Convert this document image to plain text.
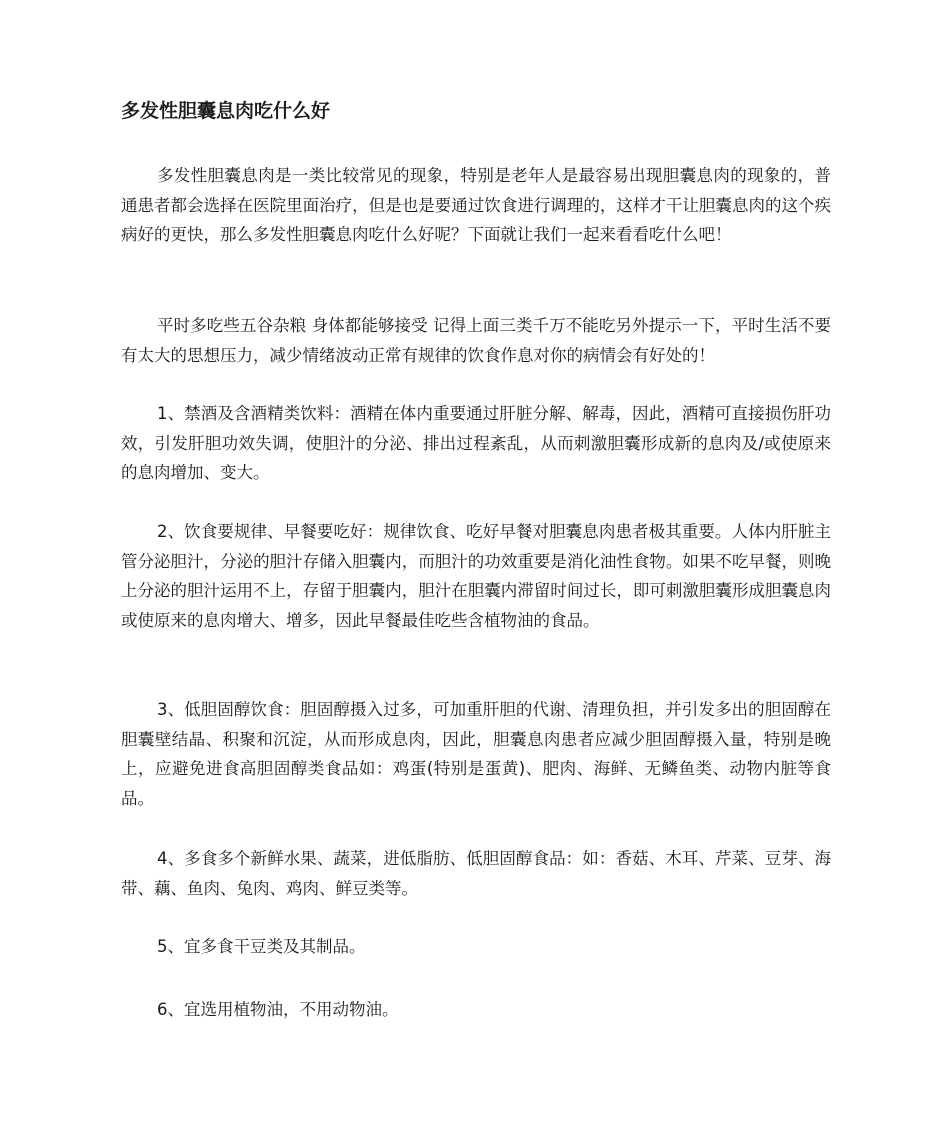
多发性胆囊息肉吃什么好

多发性胆囊息肉是一类比较常见的现象，特别是老年人是最容易出现胆囊息肉的现象的，普通患者都会选择在医院里面治疗，但是也是要通过饮食进行调理的，这样才干让胆囊息肉的这个疾病好的更快，那么多发性胆囊息肉吃什么好呢？下面就让我们一起来看看吃什么吧！

平时多吃些五谷杂粮 身体都能够接受 记得上面三类千万不能吃另外提示一下，平时生活不要有太大的思想压力，减少情绪波动正常有规律的饮食作息对你的病情会有好处的！

1、禁酒及含酒精类饮料：酒精在体内重要通过肝脏分解、解毒，因此，酒精可直接损伤肝功效，引发肝胆功效失调，使胆汁的分泌、排出过程紊乱，从而刺激胆囊形成新的息肉及/或使原来的息肉增加、变大。

2、饮食要规律、早餐要吃好：规律饮食、吃好早餐对胆囊息肉患者极其重要。人体内肝脏主管分泌胆汁，分泌的胆汁存储入胆囊内，而胆汁的功效重要是消化油性食物。如果不吃早餐，则晚上分泌的胆汁运用不上，存留于胆囊内，胆汁在胆囊内滞留时间过长，即可刺激胆囊形成胆囊息肉或使原来的息肉增大、增多，因此早餐最佳吃些含植物油的食品。

3、低胆固醇饮食：胆固醇摄入过多，可加重肝胆的代谢、清理负担，并引发多出的胆固醇在胆囊壁结晶、积聚和沉淀，从而形成息肉，因此，胆囊息肉患者应减少胆固醇摄入量，特别是晚上，应避免进食高胆固醇类食品如：鸡蛋(特别是蛋黄)、肥肉、海鲜、无鳞鱼类、动物内脏等食品。

4、多食多个新鲜水果、蔬菜，进低脂肪、低胆固醇食品：如：香菇、木耳、芹菜、豆芽、海带、藕、鱼肉、兔肉、鸡肉、鲜豆类等。

5、宜多食干豆类及其制品。

6、宜选用植物油，不用动物油。
